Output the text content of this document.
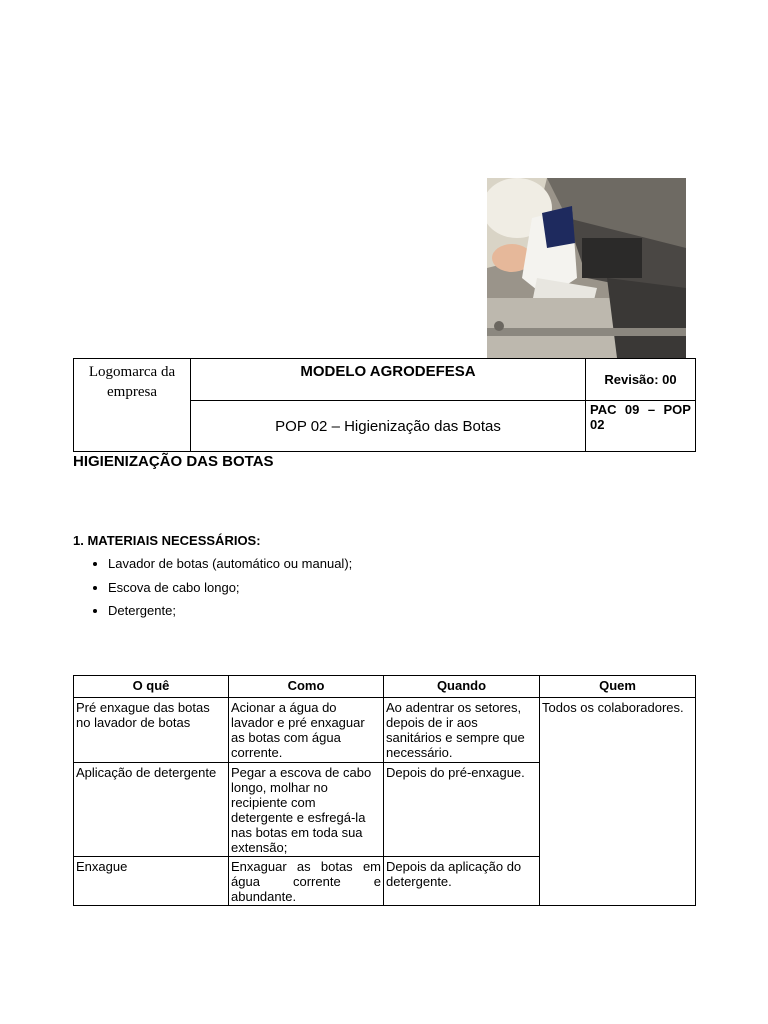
Logomarca da empresa	MODELO AGRODEFESA	Revisão: 00
	POP 02 – Higienização das Botas	PAC 09 – POP
02
HIGIENIZAÇÃO DAS BOTAS
1. MATERIAIS NECESSÁRIOS:
• Lavador de botas (automático ou manual);
• Escova de cabo longo;
• Detergente;
O quê	Como	Quando	Quem
Pré enxague das botas no lavador de botas	Acionar a água do lavador e pré enxaguar as botas com água corrente.	Ao adentrar os setores, depois de ir aos sanitários e sempre que necessário.	Todos os colaboradores.
Aplicação de detergente	Pegar a escova de cabo longo, molhar no recipiente com detergente e esfregá-la nas botas em toda sua extensão;	Depois do pré-enxague.	
Enxague	Enxaguar as botas em água corrente e abundante.	Depois da aplicação do detergente.	
